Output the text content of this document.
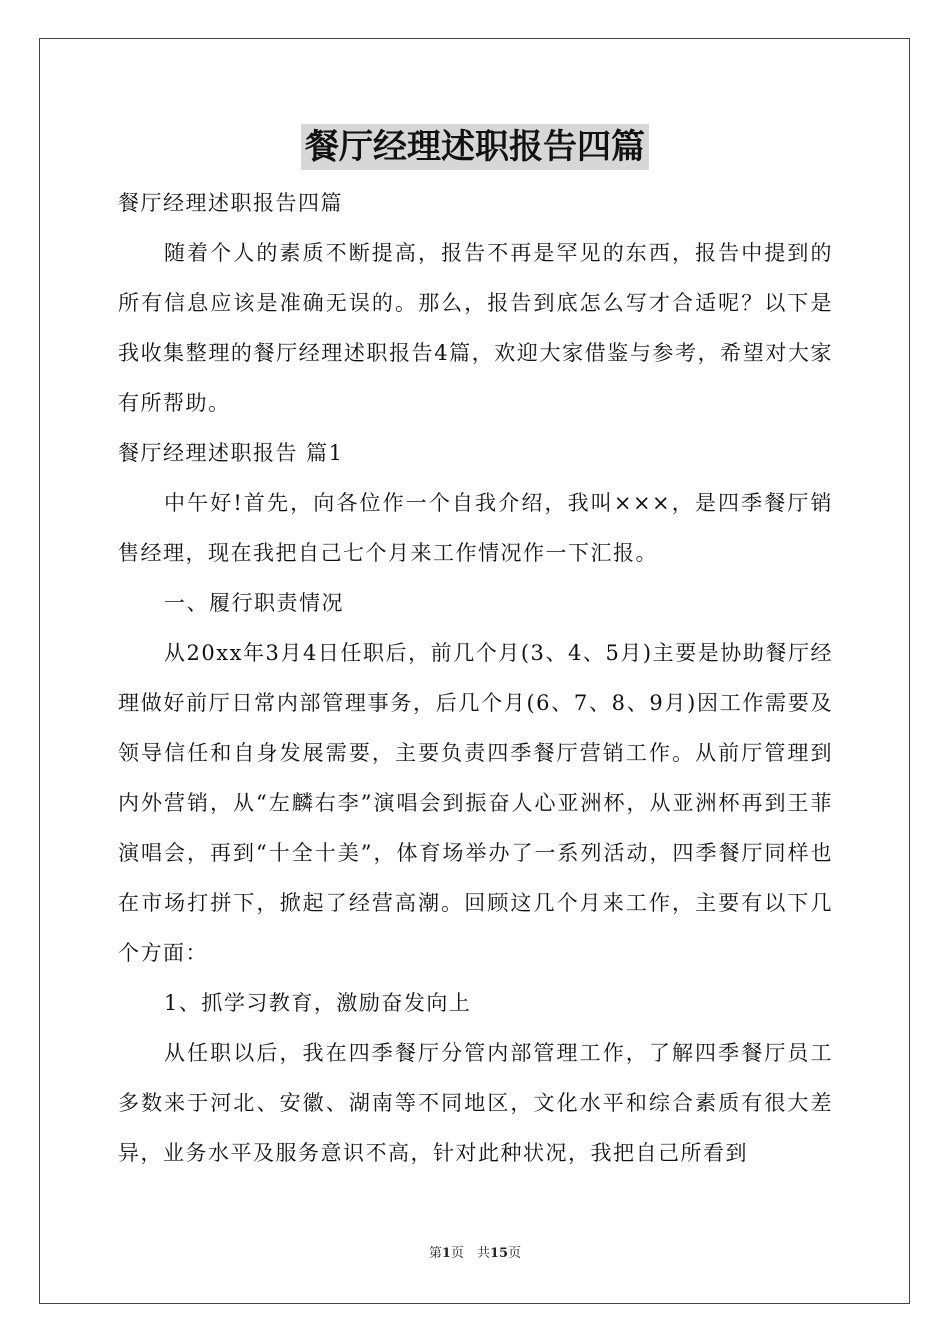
餐厅经理述职报告四篇

餐厅经理述职报告四篇

随着个人的素质不断提高，报告不再是罕见的东西，报告中提到的所有信息应该是准确无误的。那么，报告到底怎么写才合适呢？以下是我收集整理的餐厅经理述职报告4篇，欢迎大家借鉴与参考，希望对大家有所帮助。

餐厅经理述职报告 篇1

中午好!首先，向各位作一个自我介绍，我叫×××，是四季餐厅销售经理，现在我把自己七个月来工作情况作一下汇报。

一、履行职责情况

从20xx年3月4日任职后，前几个月(3、4、5月)主要是协助餐厅经理做好前厅日常内部管理事务，后几个月(6、7、8、9月)因工作需要及领导信任和自身发展需要，主要负责四季餐厅营销工作。从前厅管理到内外营销，从“左麟右李”演唱会到振奋人心亚洲杯，从亚洲杯再到王菲演唱会，再到“十全十美”，体育场举办了一系列活动，四季餐厅同样也在市场打拼下，掀起了经营高潮。回顾这几个月来工作，主要有以下几个方面：

1、抓学习教育，激励奋发向上

从任职以后，我在四季餐厅分管内部管理工作，了解四季餐厅员工多数来于河北、安徽、湖南等不同地区，文化水平和综合素质有很大差异，业务水平及服务意识不高，针对此种状况，我把自己所看到

第1页　共15页
